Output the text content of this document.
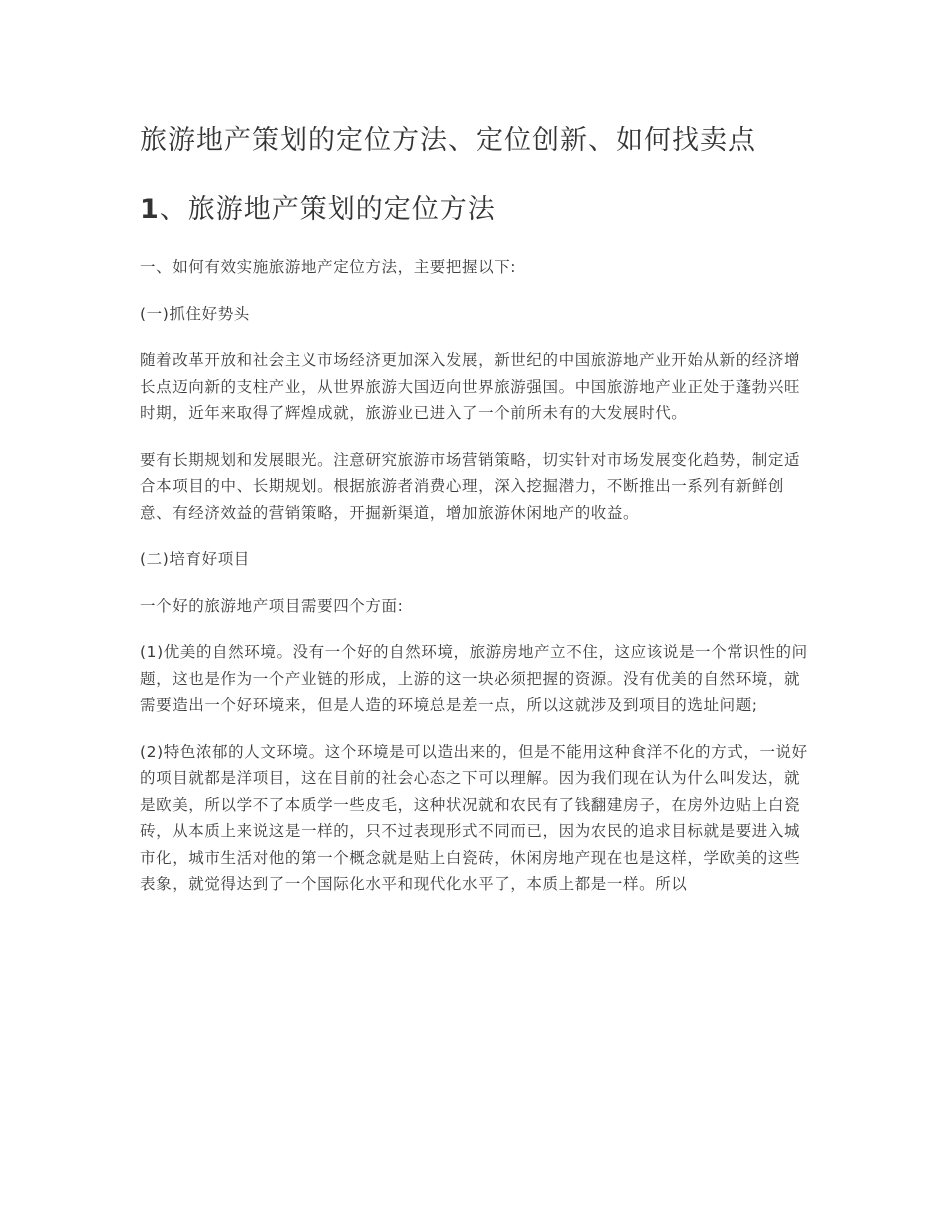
旅游地产策划的定位方法、定位创新、如何找卖点
1、旅游地产策划的定位方法

一、如何有效实施旅游地产定位方法，主要把握以下:

(一)抓住好势头

随着改革开放和社会主义市场经济更加深入发展，新世纪的中国旅游地产业开始从新的经济增长点迈向新的支柱产业，从世界旅游大国迈向世界旅游强国。中国旅游地产业正处于蓬勃兴旺时期，近年来取得了辉煌成就，旅游业已进入了一个前所未有的大发展时代。

要有长期规划和发展眼光。注意研究旅游市场营销策略，切实针对市场发展变化趋势，制定适合本项目的中、长期规划。根据旅游者消费心理，深入挖掘潜力，不断推出一系列有新鲜创意、有经济效益的营销策略，开掘新渠道，增加旅游休闲地产的收益。

(二)培育好项目

一个好的旅游地产项目需要四个方面:

(1)优美的自然环境。没有一个好的自然环境，旅游房地产立不住，这应该说是一个常识性的问题，这也是作为一个产业链的形成，上游的这一块必须把握的资源。没有优美的自然环境，就需要造出一个好环境来，但是人造的环境总是差一点，所以这就涉及到项目的选址问题;

(2)特色浓郁的人文环境。这个环境是可以造出来的，但是不能用这种食洋不化的方式，一说好的项目就都是洋项目，这在目前的社会心态之下可以理解。因为我们现在认为什么叫发达，就是欧美，所以学不了本质学一些皮毛，这种状况就和农民有了钱翻建房子，在房外边贴上白瓷砖，从本质上来说这是一样的，只不过表现形式不同而已，因为农民的追求目标就是要进入城市化，城市生活对他的第一个概念就是贴上白瓷砖，休闲房地产现在也是这样，学欧美的这些表象，就觉得达到了一个国际化水平和现代化水平了，本质上都是一样。所以
